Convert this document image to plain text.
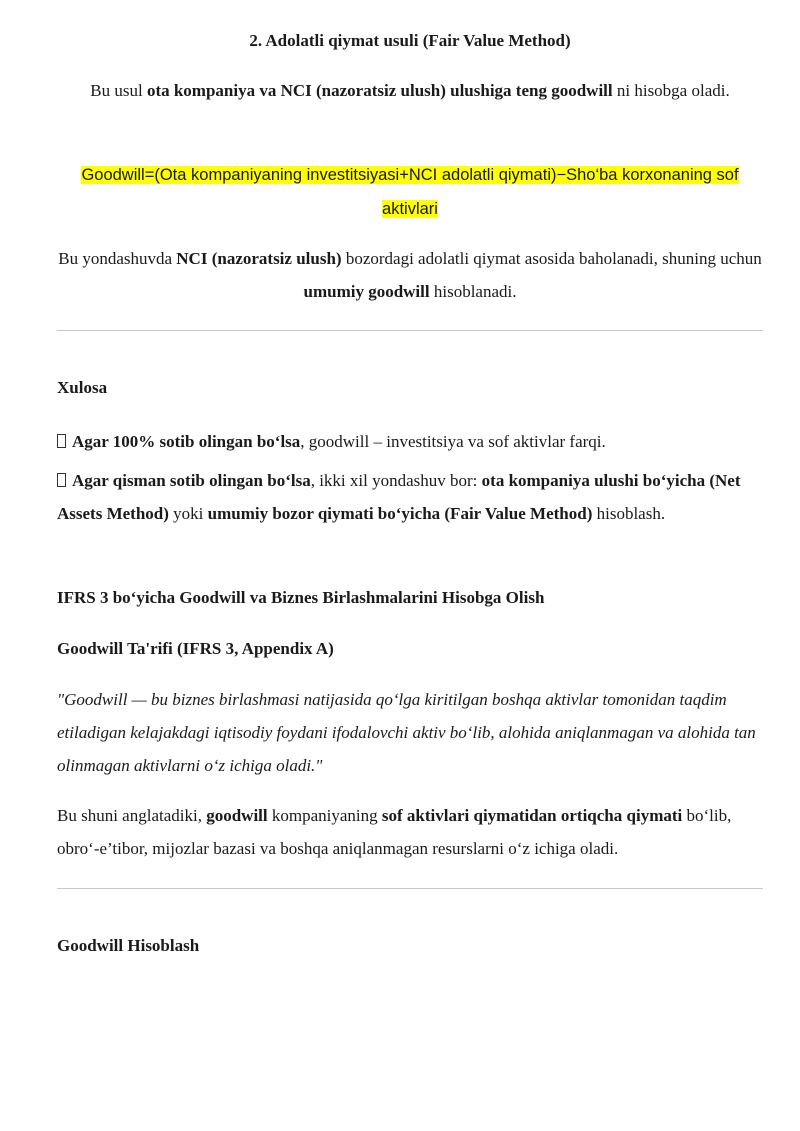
2. Adolatli qiymat usuli (Fair Value Method)

Bu usul ota kompaniya va NCI (nazoratsiz ulush) ulushiga teng goodwill ni hisobga oladi.

Goodwill=(Ota kompaniyaning investitsiyasi+NCI adolatli qiymati)−Sho‘ba korxonaning sof aktivlari

Bu yondashuvda NCI (nazoratsiz ulush) bozordagi adolatli qiymat asosida baholanadi, shuning uchun umumiy goodwill hisoblanadi.

Xulosa

Agar 100% sotib olingan bo‘lsa, goodwill – investitsiya va sof aktivlar farqi.

Agar qisman sotib olingan bo‘lsa, ikki xil yondashuv bor: ota kompaniya ulushi bo‘yicha (Net Assets Method) yoki umumiy bozor qiymati bo‘yicha (Fair Value Method) hisoblash.

IFRS 3 bo‘yicha Goodwill va Biznes Birlashmalarini Hisobga Olish

Goodwill Ta'rifi (IFRS 3, Appendix A)

"Goodwill — bu biznes birlashmasi natijasida qo‘lga kiritilgan boshqa aktivlar tomonidan taqdim etiladigan kelajakdagi iqtisodiy foydani ifodalovchi aktiv bo‘lib, alohida aniqlanmagan va alohida tan olinmagan aktivlarni o‘z ichiga oladi."

Bu shuni anglatadiki, goodwill kompaniyaning sof aktivlari qiymatidan ortiqcha qiymati bo‘lib, obro‘-e’tibor, mijozlar bazasi va boshqa aniqlanmagan resurslarni o‘z ichiga oladi.

Goodwill Hisoblash
